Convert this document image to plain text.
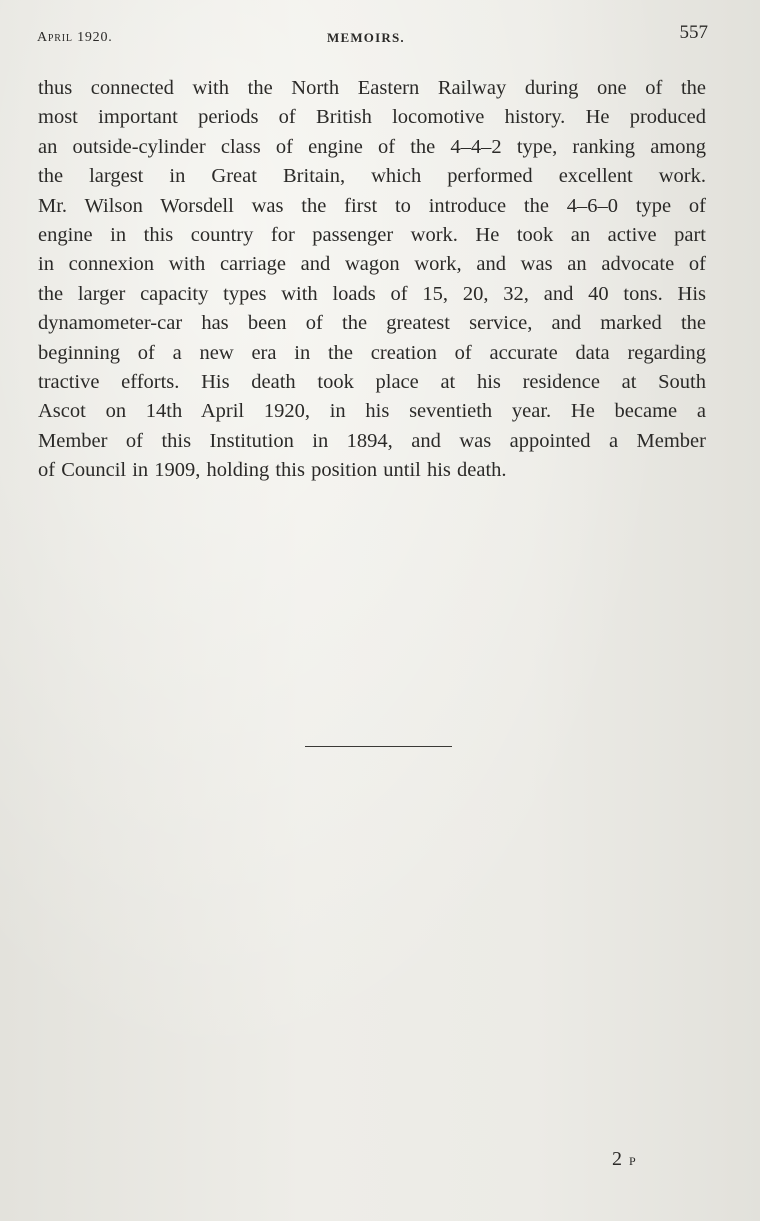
April 1920.	MEMOIRS.	557
thus connected with the North Eastern Railway during one of the
most important periods of British locomotive history. He produced
an outside-cylinder class of engine of the 4–4–2 type, ranking among
the largest in Great Britain, which performed excellent work.
Mr. Wilson Worsdell was the first to introduce the 4–6–0 type of
engine in this country for passenger work. He took an active part
in connexion with carriage and wagon work, and was an advocate of
the larger capacity types with loads of 15, 20, 32, and 40 tons. His
dynamometer-car has been of the greatest service, and marked the
beginning of a new era in the creation of accurate data regarding
tractive efforts. His death took place at his residence at South
Ascot on 14th April 1920, in his seventieth year. He became a
Member of this Institution in 1894, and was appointed a Member
of Council in 1909, holding this position until his death.
2 P
